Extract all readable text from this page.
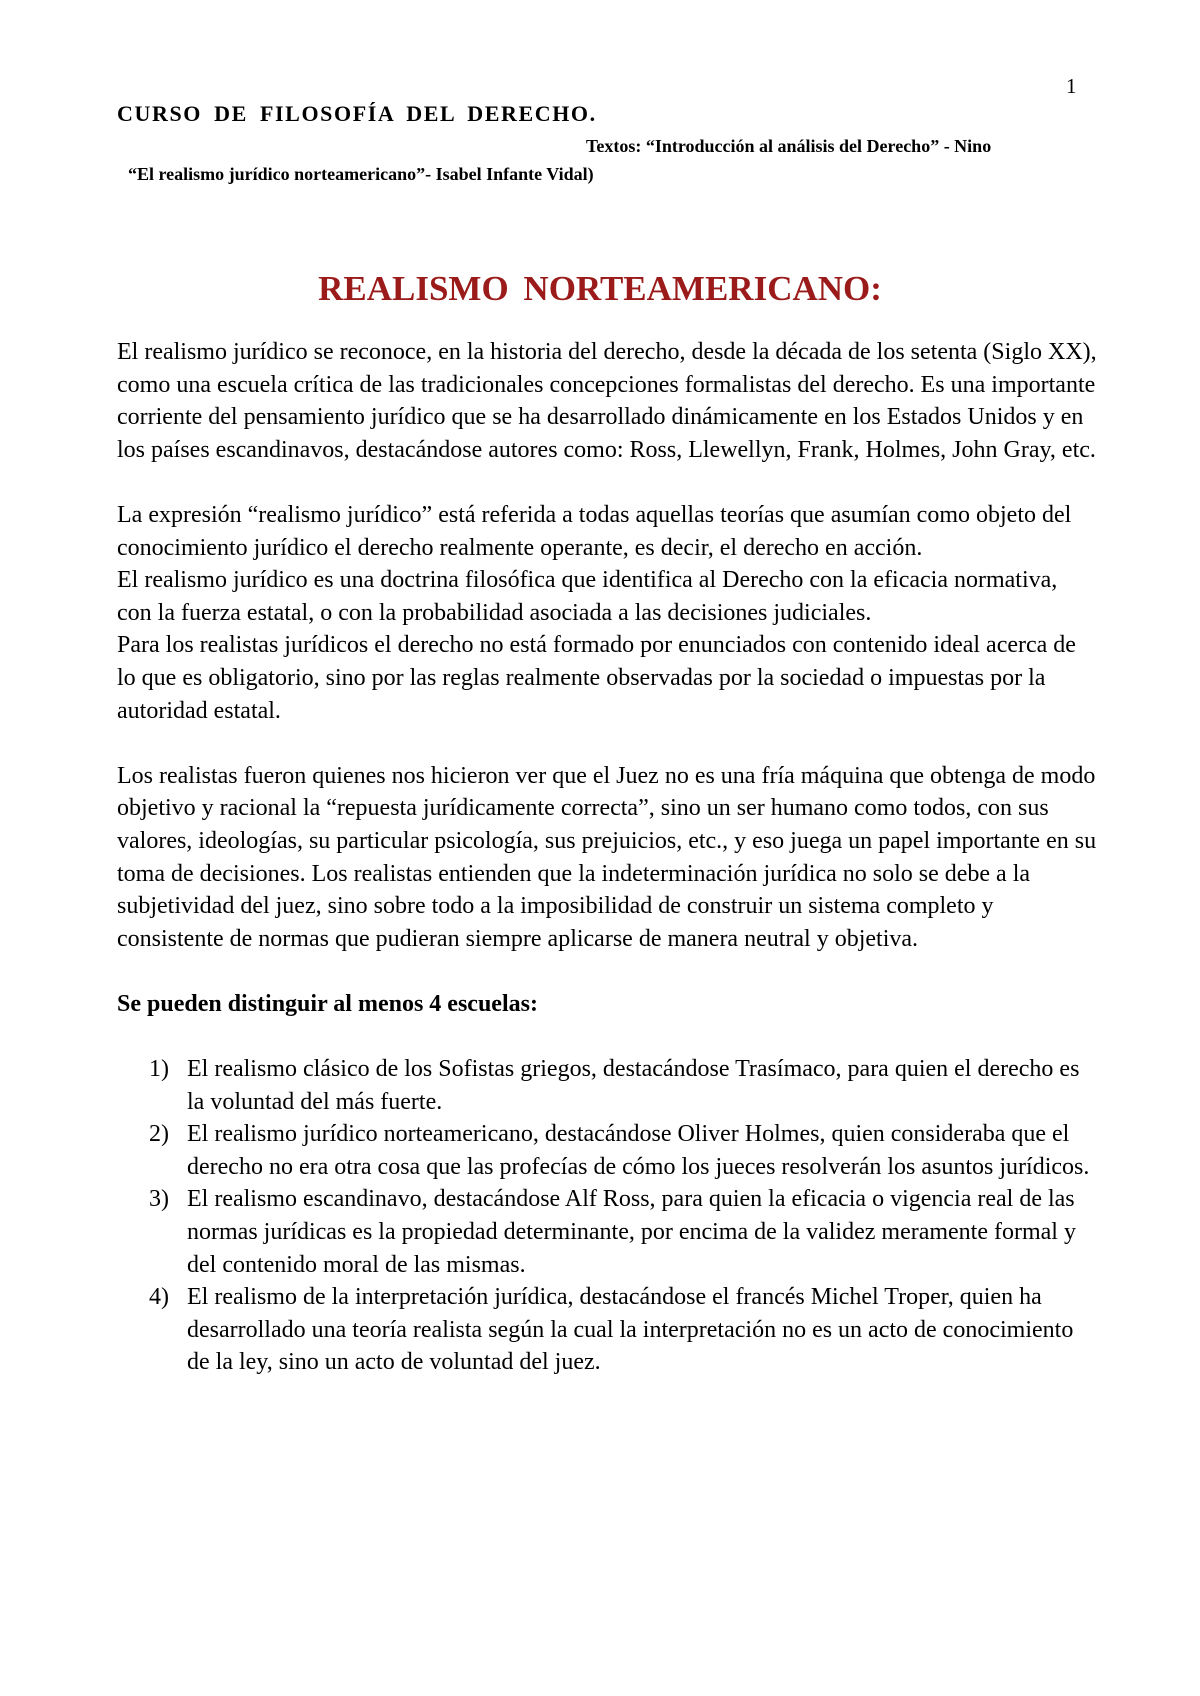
1
CURSO DE FILOSOFÍA DEL DERECHO.
Textos: “Introducción al análisis del Derecho” - Nino
“El realismo jurídico norteamericano”- Isabel Infante Vidal)
REALISMO NORTEAMERICANO:

El realismo jurídico se reconoce, en la historia del derecho, desde la década de los setenta (Siglo XX), como una escuela crítica de las tradicionales concepciones formalistas del derecho. Es una importante corriente del pensamiento jurídico que se ha desarrollado dinámicamente en los Estados Unidos y en los países escandinavos, destacándose autores como: Ross, Llewellyn, Frank, Holmes, John Gray, etc.

La expresión “realismo jurídico” está referida a todas aquellas teorías que asumían como objeto del conocimiento jurídico el derecho realmente operante, es decir, el derecho en acción.

El realismo jurídico es una doctrina filosófica que identifica al Derecho con la eficacia normativa, con la fuerza estatal, o con la probabilidad asociada a las decisiones judiciales.

Para los realistas jurídicos el derecho no está formado por enunciados con contenido ideal acerca de lo que es obligatorio, sino por las reglas realmente observadas por la sociedad o impuestas por la autoridad estatal.

Los realistas fueron quienes nos hicieron ver que el Juez no es una fría máquina que obtenga de modo objetivo y racional la “repuesta jurídicamente correcta”, sino un ser humano como todos, con sus valores, ideologías, su particular psicología, sus prejuicios, etc., y eso juega un papel importante en su toma de decisiones. Los realistas entienden que la indeterminación jurídica no solo se debe a la subjetividad del juez, sino sobre todo a la imposibilidad de construir un sistema completo y consistente de normas que pudieran siempre aplicarse de manera neutral y objetiva.

Se pueden distinguir al menos 4 escuelas:

1) El realismo clásico de los Sofistas griegos, destacándose Trasímaco, para quien el derecho es la voluntad del más fuerte.
2) El realismo jurídico norteamericano, destacándose Oliver Holmes, quien consideraba que el derecho no era otra cosa que las profecías de cómo los jueces resolverán los asuntos jurídicos.
3) El realismo escandinavo, destacándose Alf Ross, para quien la eficacia o vigencia real de las normas jurídicas es la propiedad determinante, por encima de la validez meramente formal y del contenido moral de las mismas.
4) El realismo de la interpretación jurídica, destacándose el francés Michel Troper, quien ha desarrollado una teoría realista según la cual la interpretación no es un acto de conocimiento de la ley, sino un acto de voluntad del juez.
